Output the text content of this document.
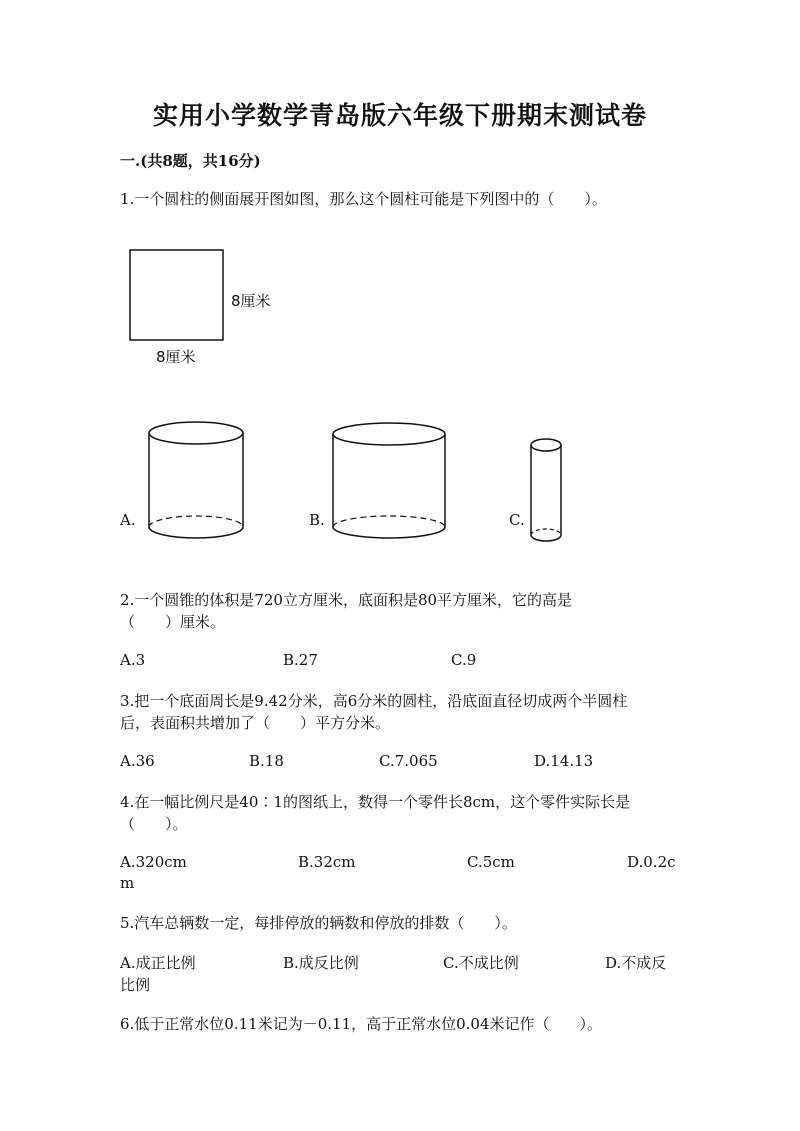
实用小学数学青岛版六年级下册期末测试卷
一.(共8题，共16分)
1.一个圆柱的侧面展开图如图，那么这个圆柱可能是下列图中的（　　）。
8厘米
8厘米
A.	B.	C.
2.一个圆锥的体积是720立方厘米，底面积是80平方厘米，它的高是
（　　）厘米。
A.3	B.27	C.9
3.把一个底面周长是9.42分米，高6分米的圆柱，沿底面直径切成两个半圆柱
后，表面积共增加了（　　）平方分米。
A.36	B.18	C.7.065	D.14.13
4.在一幅比例尺是40∶1的图纸上，数得一个零件长8cm，这个零件实际长是
（　　）。
A.320cm	B.32cm	C.5cm	D.0.2c
m
5.汽车总辆数一定，每排停放的辆数和停放的排数（　　）。
A.成正比例	B.成反比例	C.不成比例	D.不成反
比例
6.低于正常水位0.11米记为－0.11，高于正常水位0.04米记作（　　）。
